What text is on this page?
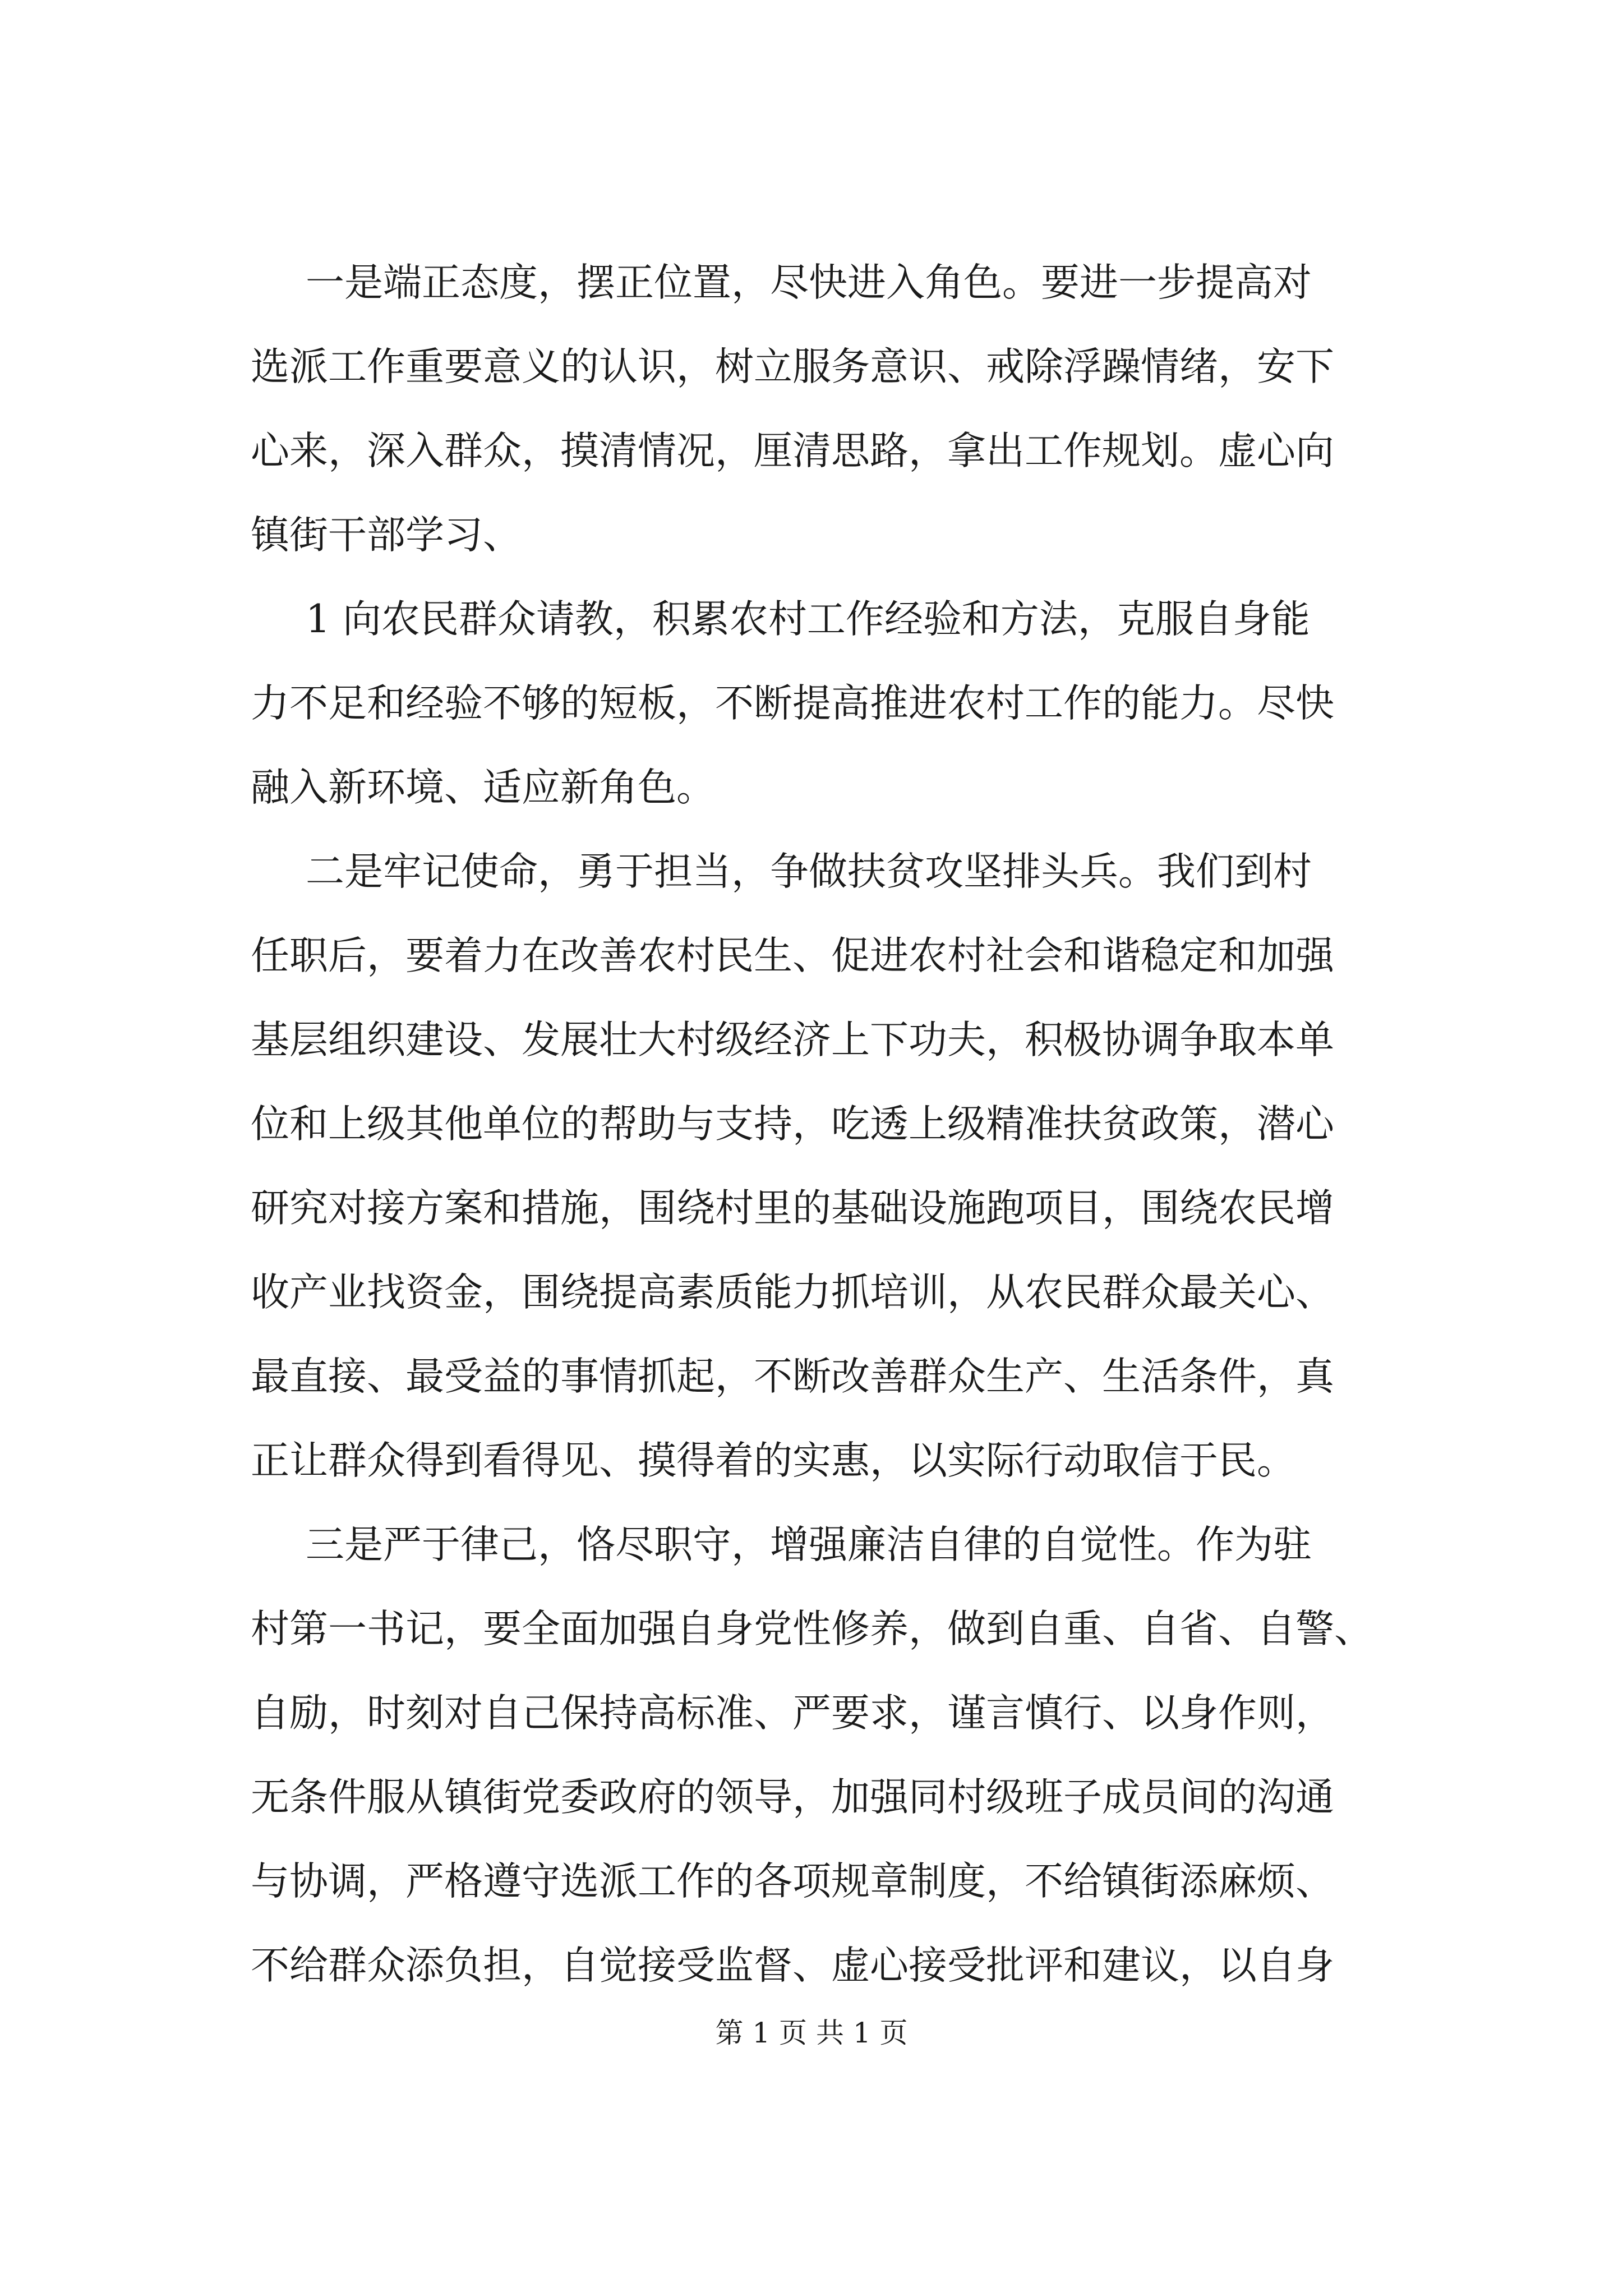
一是端正态度，摆正位置，尽快进入角色。要进一步提高对
选派工作重要意义的认识，树立服务意识、戒除浮躁情绪，安下
心来，深入群众，摸清情况，厘清思路，拿出工作规划。虚心向
镇街干部学习、
1 向农民群众请教，积累农村工作经验和方法，克服自身能
力不足和经验不够的短板，不断提高推进农村工作的能力。尽快
融入新环境、适应新角色。
二是牢记使命，勇于担当，争做扶贫攻坚排头兵。我们到村
任职后，要着力在改善农村民生、促进农村社会和谐稳定和加强
基层组织建设、发展壮大村级经济上下功夫，积极协调争取本单
位和上级其他单位的帮助与支持，吃透上级精准扶贫政策，潜心
研究对接方案和措施，围绕村里的基础设施跑项目，围绕农民增
收产业找资金，围绕提高素质能力抓培训，从农民群众最关心、
最直接、最受益的事情抓起，不断改善群众生产、生活条件，真
正让群众得到看得见、摸得着的实惠，以实际行动取信于民。
三是严于律己，恪尽职守，增强廉洁自律的自觉性。作为驻
村第一书记，要全面加强自身党性修养，做到自重、自省、自警、
自励，时刻对自己保持高标准、严要求，谨言慎行、以身作则，
无条件服从镇街党委政府的领导，加强同村级班子成员间的沟通
与协调，严格遵守选派工作的各项规章制度，不给镇街添麻烦、
不给群众添负担，自觉接受监督、虚心接受批评和建议，以自身
第 1 页 共 1 页
